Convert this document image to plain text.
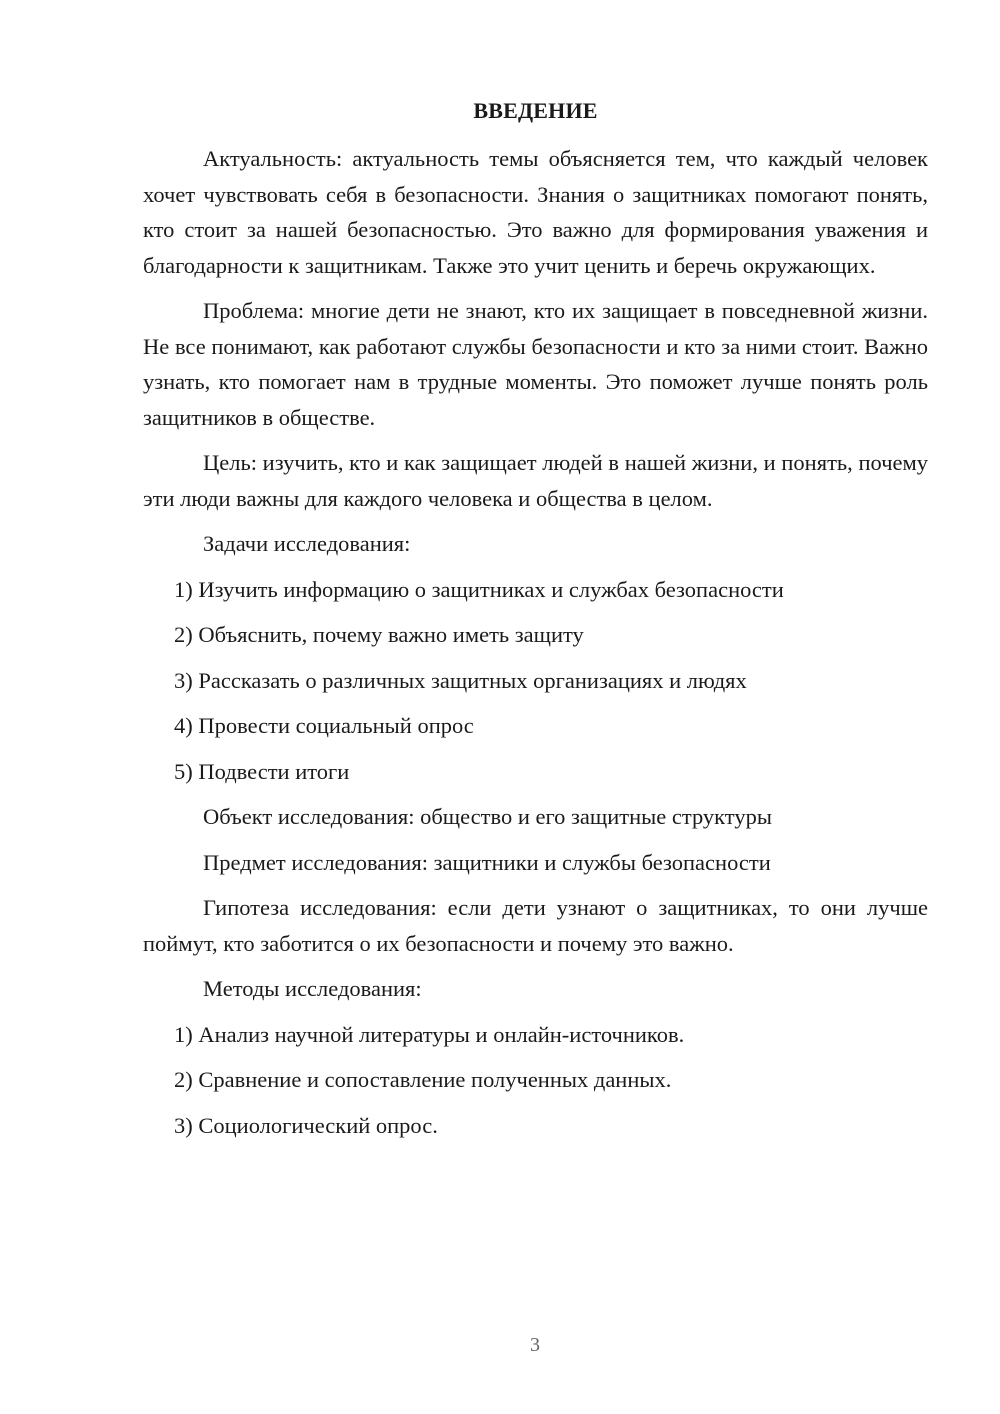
ВВЕДЕНИЕ

Актуальность: актуальность темы объясняется тем, что каждый человек хочет чувствовать себя в безопасности. Знания о защитниках помогают понять, кто стоит за нашей безопасностью. Это важно для формирования уважения и благодарности к защитникам. Также это учит ценить и беречь окружающих.

Проблема: многие дети не знают, кто их защищает в повседневной жизни. Не все понимают, как работают службы безопасности и кто за ними стоит. Важно узнать, кто помогает нам в трудные моменты. Это поможет лучше понять роль защитников в обществе.

Цель: изучить, кто и как защищает людей в нашей жизни, и понять, почему эти люди важны для каждого человека и общества в целом.

Задачи исследования:

1) Изучить информацию о защитниках и службах безопасности

2) Объяснить, почему важно иметь защиту

3) Рассказать о различных защитных организациях и людях

4) Провести социальный опрос

5) Подвести итоги

Объект исследования: общество и его защитные структуры

Предмет исследования: защитники и службы безопасности

Гипотеза исследования: если дети узнают о защитниках, то они лучше поймут, кто заботится о их безопасности и почему это важно.

Методы исследования:

1) Анализ научной литературы и онлайн-источников.

2) Сравнение и сопоставление полученных данных.

3) Социологический опрос.

3
